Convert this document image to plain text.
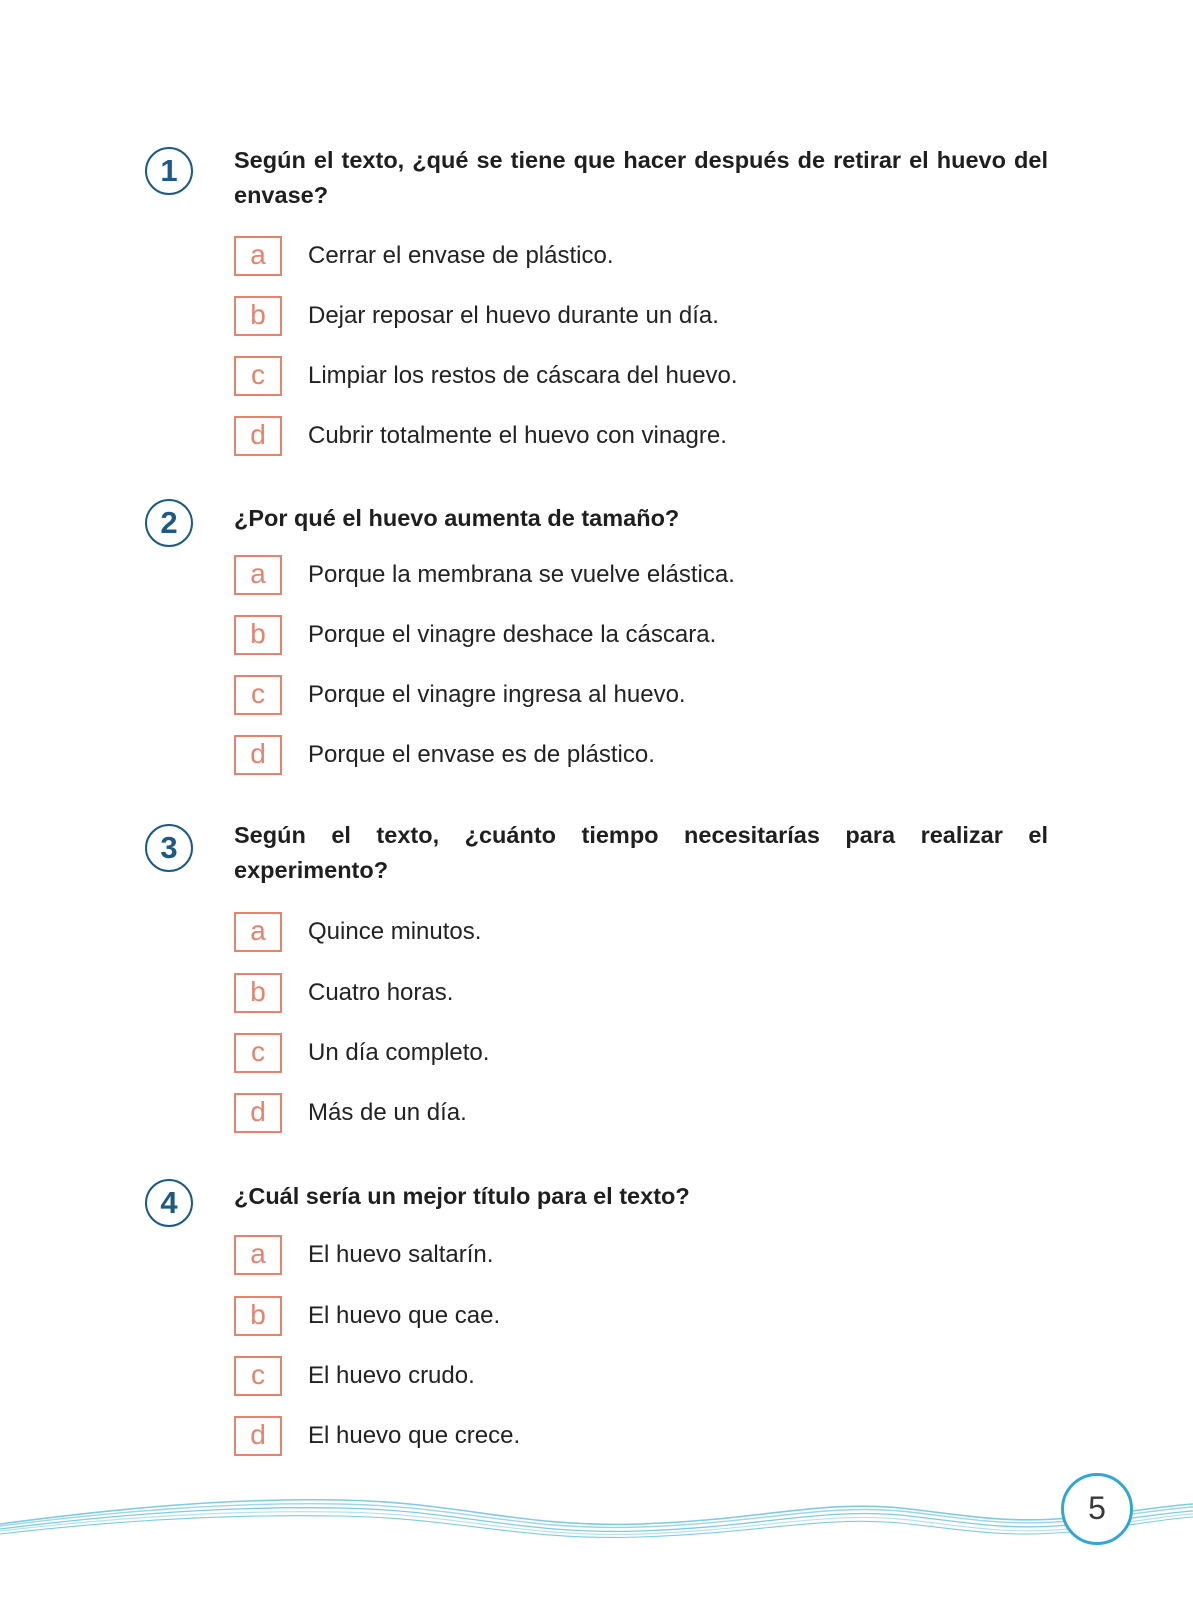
1	Según el texto, ¿qué se tiene que hacer después de retirar el huevo del envase?
a	Cerrar el envase de plástico.
b	Dejar reposar el huevo durante un día.
c	Limpiar los restos de cáscara del huevo.
d	Cubrir totalmente el huevo con vinagre.
2	¿Por qué el huevo aumenta de tamaño?
a	Porque la membrana se vuelve elástica.
b	Porque el vinagre deshace la cáscara.
c	Porque el vinagre ingresa al huevo.
d	Porque el envase es de plástico.
3	Según el texto, ¿cuánto tiempo necesitarías para realizar el experimento?
a	Quince minutos.
b	Cuatro horas.
c	Un día completo.
d	Más de un día.
4	¿Cuál sería un mejor título para el texto?
a	El huevo saltarín.
b	El huevo que cae.
c	El huevo crudo.
d	El huevo que crece.
5
